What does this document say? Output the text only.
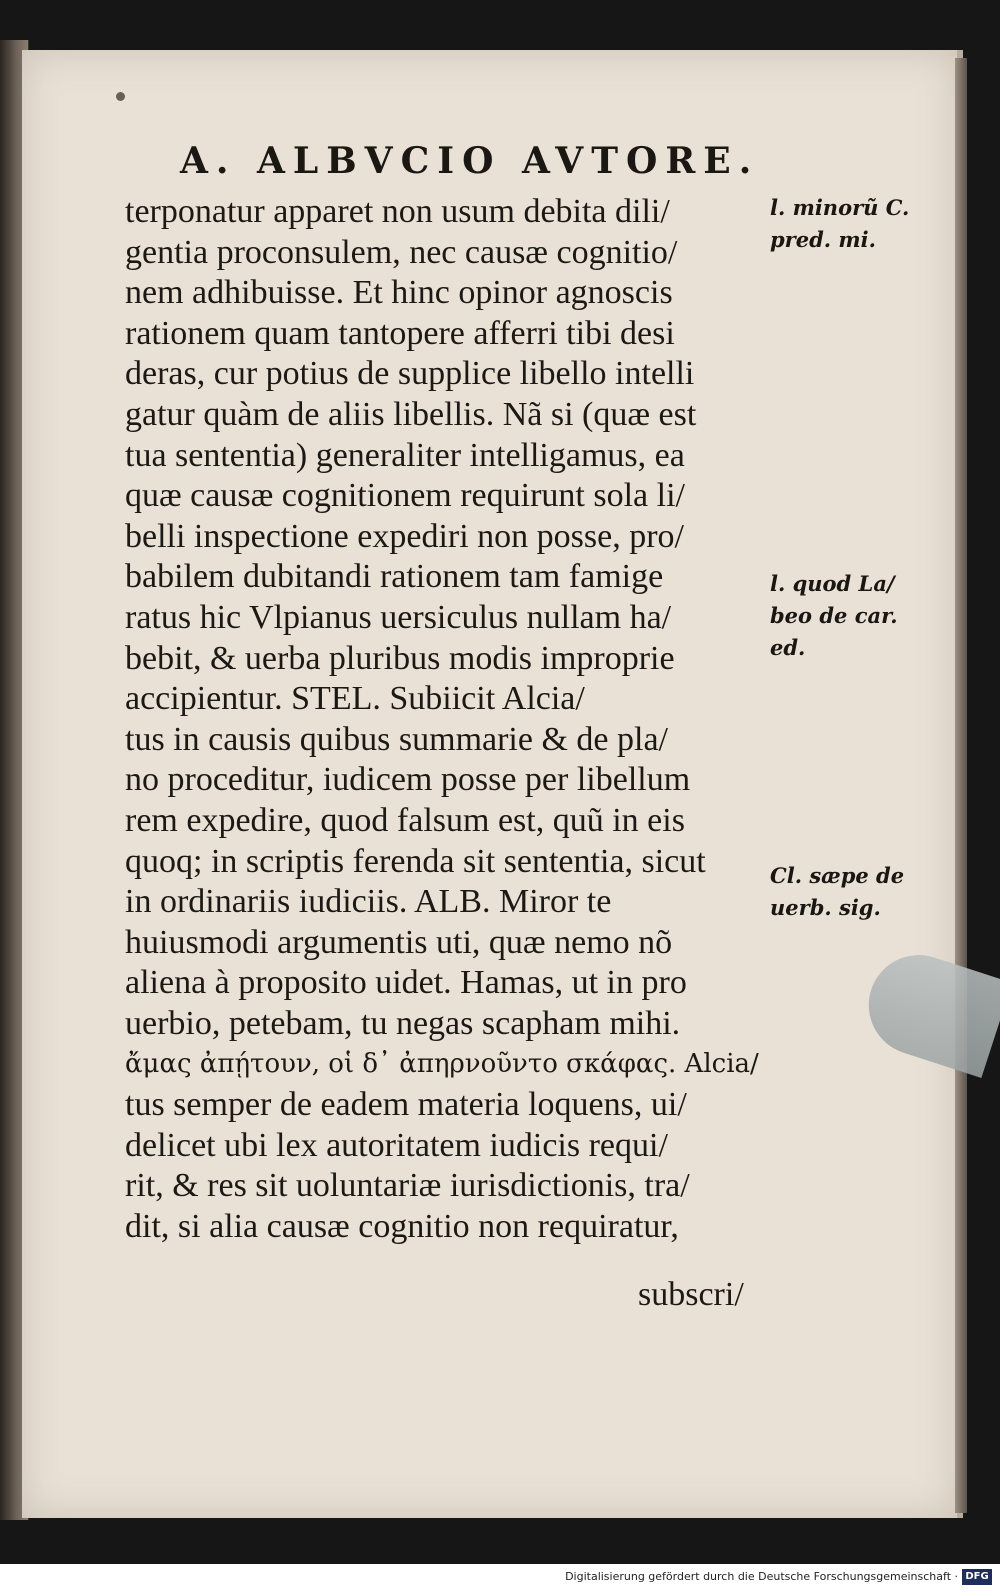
A. ALBVCIO AVTORE.
terponatur apparet non usum debita dili/
gentia proconsulem, nec causæ cognitio/
nem adhibuisse. Et hinc opinor agnoscis
rationem quam tantopere afferri tibi desi
deras, cur potius de supplice libello intelli
gatur quàm de aliis libellis. Nã si (quæ est
tua sententia) generaliter intelligamus, ea
quæ causæ cognitionem requirunt sola li/
belli inspectione expediri non posse, pro/
babilem dubitandi rationem tam famige
ratus hic Vlpianus uersiculus nullam ha/
bebit, & uerba pluribus modis improprie
accipientur. STEL. Subiicit Alcia/
tus in causis quibus summarie & de pla/
no proceditur, iudicem posse per libellum
rem expedire, quod falsum est, quũ in eis
quoq; in scriptis ferenda sit sententia, sicut
in ordinariis iudiciis. ALB. Miror te
huiusmodi argumentis uti, quæ nemo nõ
aliena à proposito uidet. Hamas, ut in pro
uerbio, petebam, tu negas scapham mihi.
ἄμας ἀπῄτουν, οἱ δ᾽ ἀπηρνοῦντο σκάφας. Alcia/
tus semper de eadem materia loquens, ui/
delicet ubi lex autoritatem iudicis requi/
rit, & res sit uoluntariæ iurisdictionis, tra/
dit, si alia causæ cognitio non requiratur,
subscri/
l. minorũ C.
pred. mi.
l. quod La/
beo de car.
ed.
Cl. sæpe de
uerb. sig.
Digitalisierung gefördert durch die Deutsche Forschungsgemeinschaft · DFG
